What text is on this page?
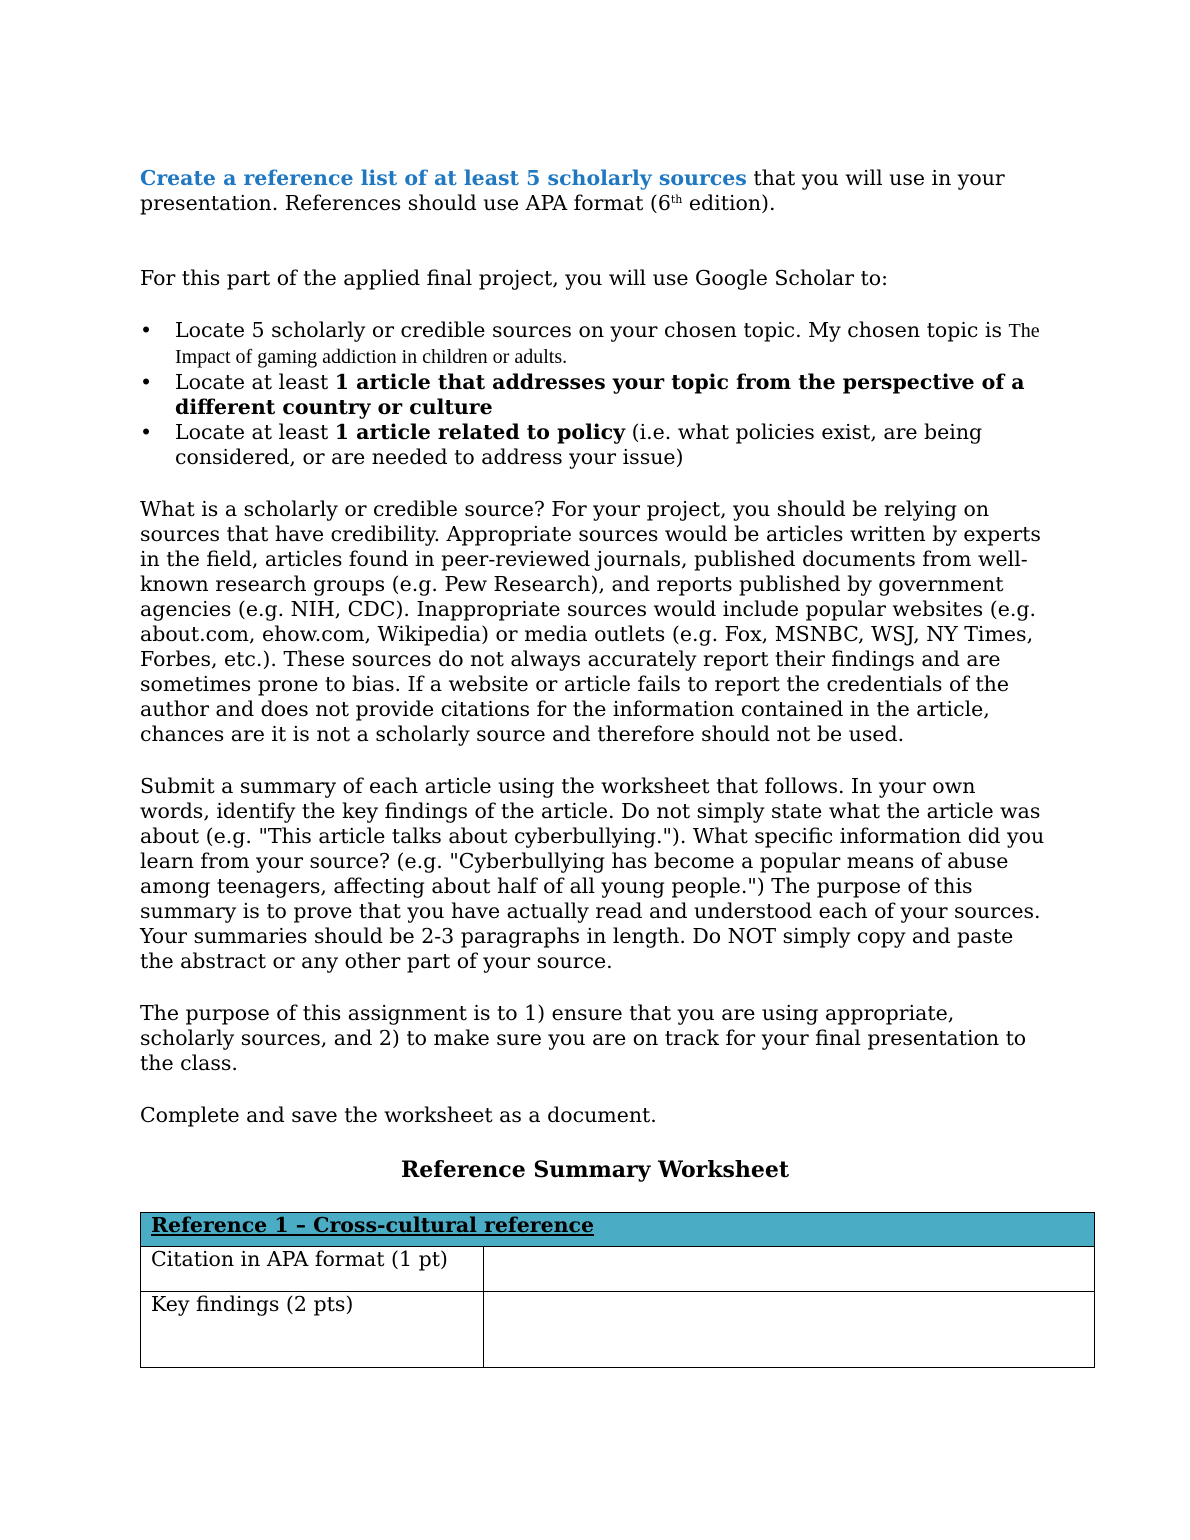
Create a reference list of at least 5 scholarly sources that you will use in your presentation. References should use APA format (6th edition).

For this part of the applied final project, you will use Google Scholar to:

• Locate 5 scholarly or credible sources on your chosen topic. My chosen topic is The Impact of gaming addiction in children or adults.
• Locate at least 1 article that addresses your topic from the perspective of a different country or culture
• Locate at least 1 article related to policy (i.e. what policies exist, are being considered, or are needed to address your issue)

What is a scholarly or credible source? For your project, you should be relying on sources that have credibility. Appropriate sources would be articles written by experts in the field, articles found in peer-reviewed journals, published documents from well-known research groups (e.g. Pew Research), and reports published by government agencies (e.g. NIH, CDC). Inappropriate sources would include popular websites (e.g. about.com, ehow.com, Wikipedia) or media outlets (e.g. Fox, MSNBC, WSJ, NY Times, Forbes, etc.). These sources do not always accurately report their findings and are sometimes prone to bias. If a website or article fails to report the credentials of the author and does not provide citations for the information contained in the article, chances are it is not a scholarly source and therefore should not be used.

Submit a summary of each article using the worksheet that follows. In your own words, identify the key findings of the article. Do not simply state what the article was about (e.g. "This article talks about cyberbullying."). What specific information did you learn from your source? (e.g. "Cyberbullying has become a popular means of abuse among teenagers, affecting about half of all young people.") The purpose of this summary is to prove that you have actually read and understood each of your sources. Your summaries should be 2-3 paragraphs in length. Do NOT simply copy and paste the abstract or any other part of your source.

The purpose of this assignment is to 1) ensure that you are using appropriate, scholarly sources, and 2) to make sure you are on track for your final presentation to the class.

Complete and save the worksheet as a document.

Reference Summary Worksheet
Reference 1 – Cross-cultural reference	
Citation in APA format (1 pt)	
Key findings (2 pts)	
